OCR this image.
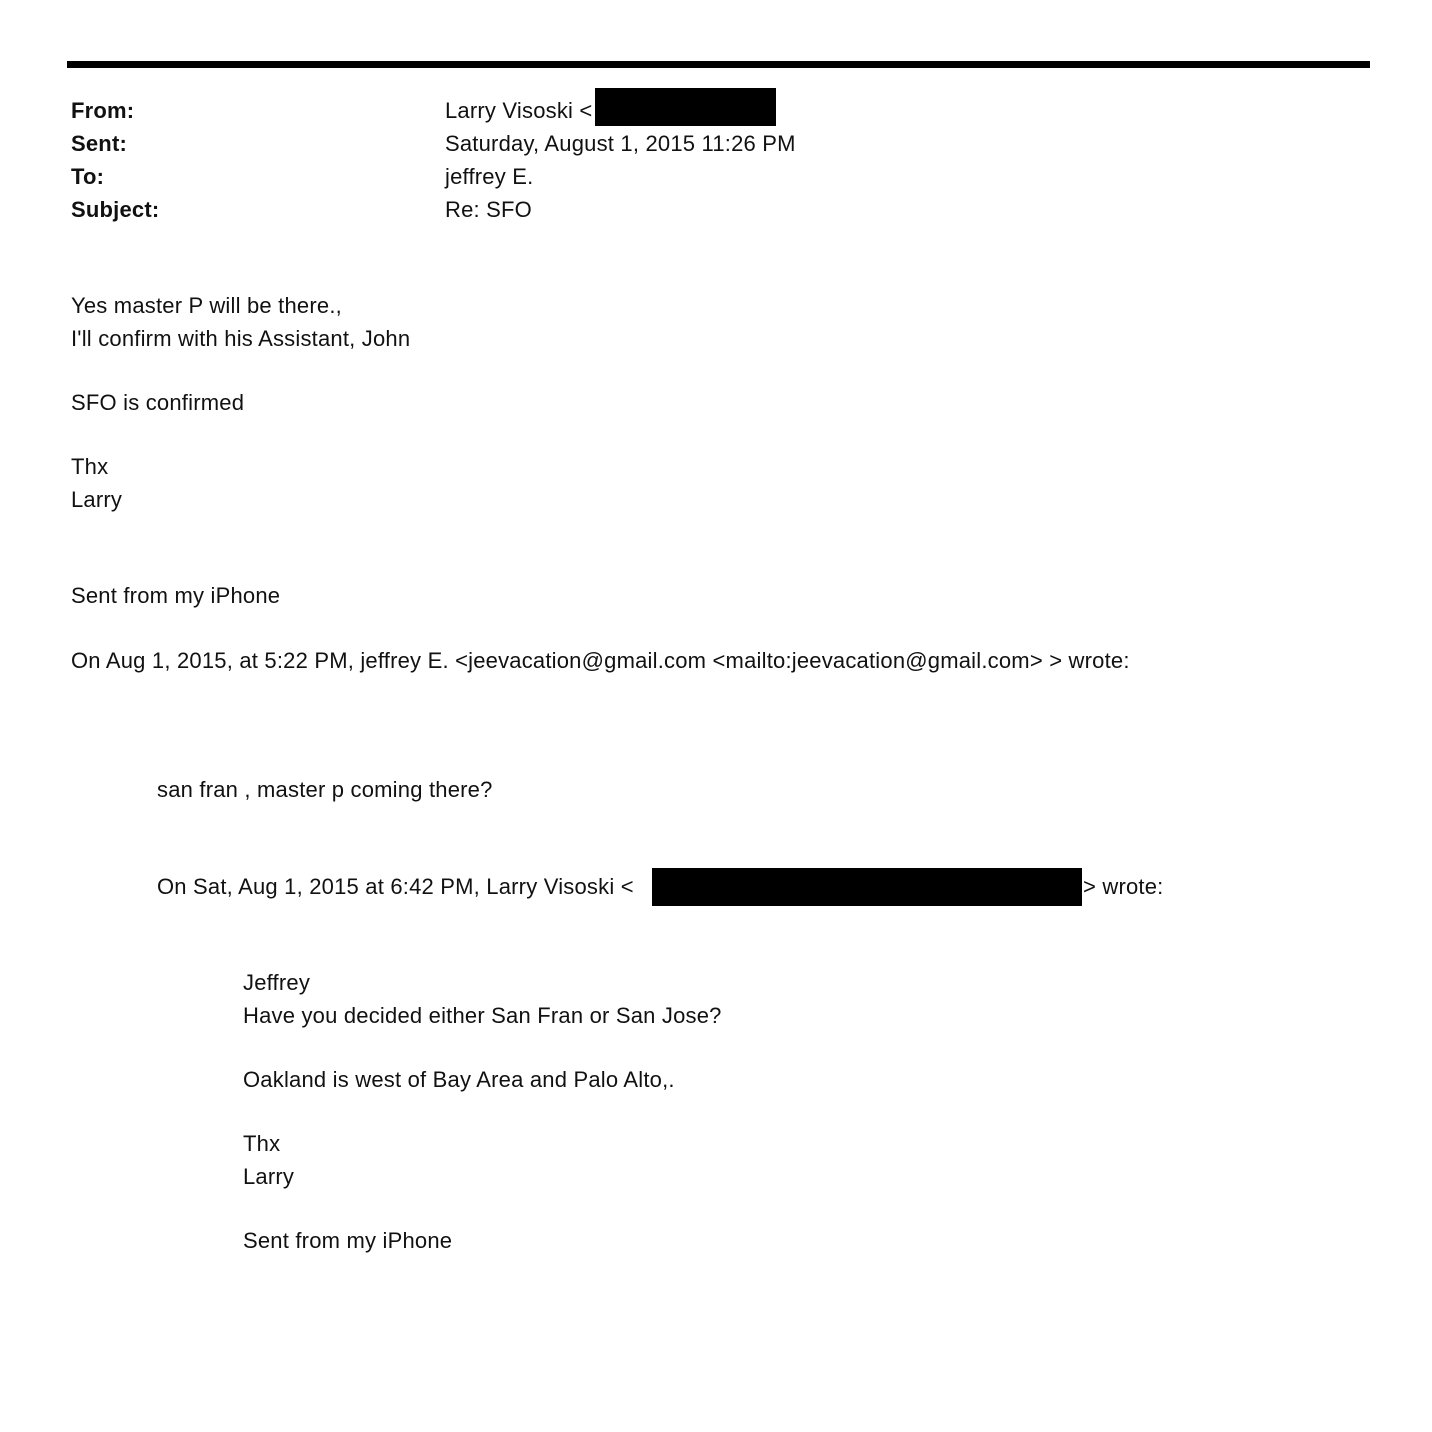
From:	Larry Visoski <
Sent:	Saturday, August 1, 2015 11:26 PM
To:	jeffrey E.
Subject:	Re: SFO
Yes master P will be there.,
I'll confirm with his Assistant, John
SFO is confirmed
Thx
Larry
Sent from my iPhone
On Aug 1, 2015, at 5:22 PM, jeffrey E. <jeevacation@gmail.com <mailto:jeevacation@gmail.com> > wrote:
san fran , master p coming there?
On Sat, Aug 1, 2015 at 6:42 PM, Larry Visoski <	> wrote:
Jeffrey
Have you decided either San Fran or San Jose?
Oakland is west of Bay Area and Palo Alto,.
Thx
Larry
Sent from my iPhone
